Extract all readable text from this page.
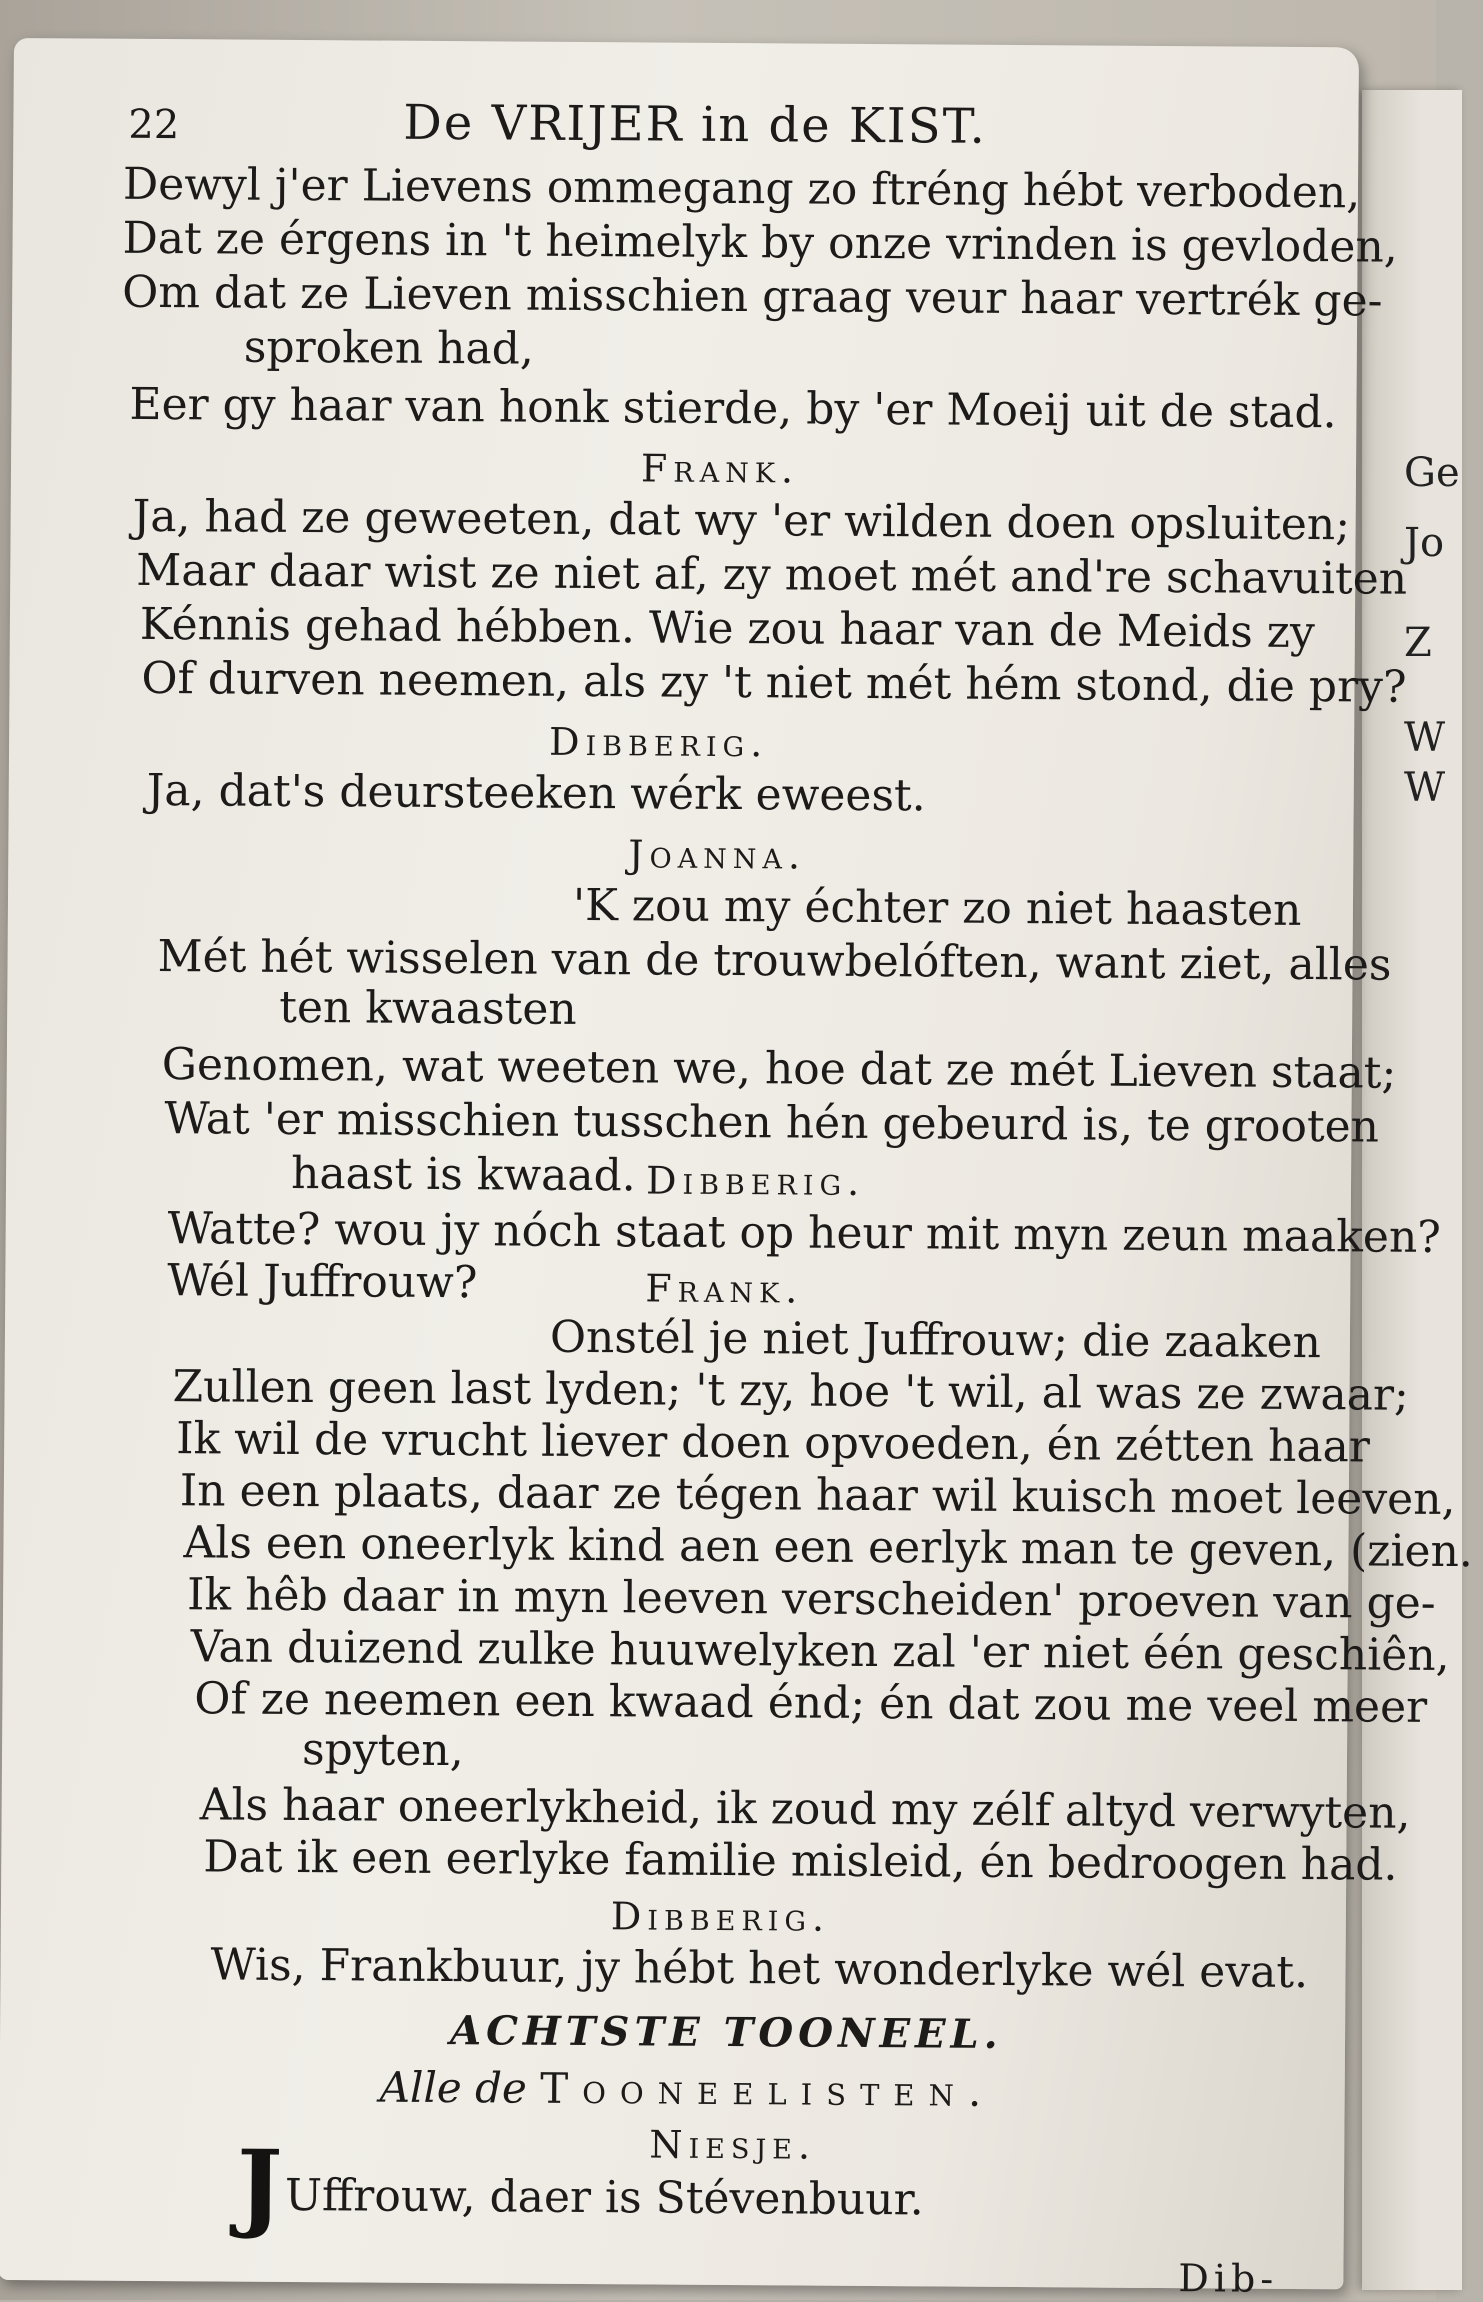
Ge
Jo
Z
W
W
22	De VRIJER in de KIST.
Dewyl j'er Lievens ommegang zo ftréng hébt verboden,
Dat ze érgens in 't heimelyk by onze vrinden is gevloden,
Om dat ze Lieven misschien graag veur haar vertrék ge-
sproken had,
Eer gy haar van honk stierde, by 'er Moeij uit de stad.
Frank.
Ja, had ze geweeten, dat wy 'er wilden doen opsluiten;
Maar daar wist ze niet af, zy moet mét and're schavuiten
Kénnis gehad hébben. Wie zou haar van de Meids zy
Of durven neemen, als zy 't niet mét hém stond, die pry?
Dibberig.
Ja, dat's deursteeken wérk eweest.
Joanna.
'K zou my échter zo niet haasten
Mét hét wisselen van de trouwbelóften, want ziet, alles
ten kwaasten
Genomen, wat weeten we, hoe dat ze mét Lieven staat;
Wat 'er misschien tusschen hén gebeurd is, te grooten
haast is kwaad. Dibberig.
Watte? wou jy nóch staat op heur mit myn zeun maaken?
Wél Juffrouw?	Frank.
Onstél je niet Juffrouw; die zaaken
Zullen geen last lyden; 't zy, hoe 't wil, al was ze zwaar;
Ik wil de vrucht liever doen opvoeden, én zétten haar
In een plaats, daar ze tégen haar wil kuisch moet leeven,
Als een oneerlyk kind aen een eerlyk man te geven, (zien.
Ik hêb daar in myn leeven verscheiden' proeven van ge-
Van duizend zulke huuwelyken zal 'er niet één geschiên,
Of ze neemen een kwaad énd; én dat zou me veel meer
spyten,
Als haar oneerlykheid, ik zoud my zélf altyd verwyten,
Dat ik een eerlyke familie misleid, én bedroogen had.
Dibberig.
Wis, Frankbuur, jy hébt het wonderlyke wél evat.
ACHTSTE TOONEEL.
Alle de Tooneelisten.
Niesje.
J Uffrouw, daer is Stévenbuur.
Dib-
